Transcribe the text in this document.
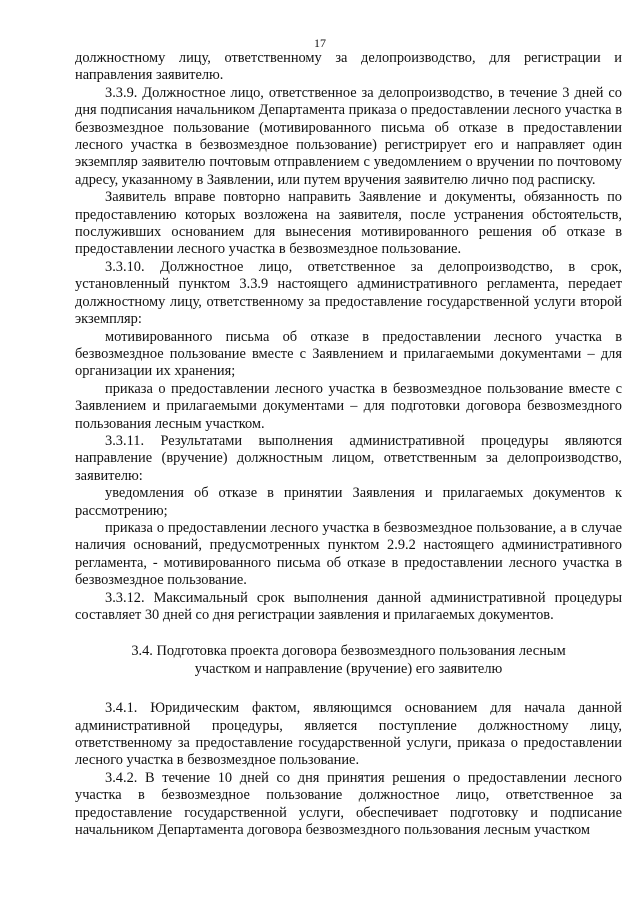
17

должностному лицу, ответственному за делопроизводство, для регистрации и направления заявителю.

3.3.9. Должностное лицо, ответственное за делопроизводство, в течение 3 дней со дня подписания начальником Департамента приказа о предоставлении лесного участка в безвозмездное пользование (мотивированного письма об отказе в предоставлении лесного участка в безвозмездное пользование) регистрирует его и направляет один экземпляр заявителю почтовым отправлением с уведомлением о вручении по почтовому адресу, указанному в Заявлении, или путем вручения заявителю лично под расписку.

Заявитель вправе повторно направить Заявление и документы, обязанность по предоставлению которых возложена на заявителя, после устранения обстоятельств, послуживших основанием для вынесения мотивированного решения об отказе в предоставлении лесного участка в безвозмездное пользование.

3.3.10. Должностное лицо, ответственное за делопроизводство, в срок, установленный пунктом 3.3.9 настоящего административного регламента, передает должностному лицу, ответственному за предоставление государственной услуги второй экземпляр:

мотивированного письма об отказе в предоставлении лесного участка в безвозмездное пользование вместе с Заявлением и прилагаемыми документами – для организации их хранения;

приказа о предоставлении лесного участка в безвозмездное пользование вместе с Заявлением и прилагаемыми документами – для подготовки договора безвозмездного пользования лесным участком.

3.3.11. Результатами выполнения административной процедуры являются направление (вручение) должностным лицом, ответственным за делопроизводство, заявителю:

уведомления об отказе в принятии Заявления и прилагаемых документов к рассмотрению;

приказа о предоставлении лесного участка в безвозмездное пользование, а в случае наличия оснований, предусмотренных пунктом 2.9.2 настоящего административного регламента, - мотивированного письма об отказе в предоставлении лесного участка в безвозмездное пользование.

3.3.12. Максимальный срок выполнения данной административной процедуры составляет 30 дней со дня регистрации заявления и прилагаемых документов.

3.4. Подготовка проекта договора безвозмездного пользования лесным участком и направление (вручение) его заявителю

3.4.1. Юридическим фактом, являющимся основанием для начала данной административной процедуры, является поступление должностному лицу, ответственному за предоставление государственной услуги, приказа о предоставлении лесного участка в безвозмездное пользование.

3.4.2. В течение 10 дней со дня принятия решения о предоставлении лесного участка в безвозмездное пользование должностное лицо, ответственное за предоставление государственной услуги, обеспечивает подготовку и подписание начальником Департамента договора безвозмездного пользования лесным участком
